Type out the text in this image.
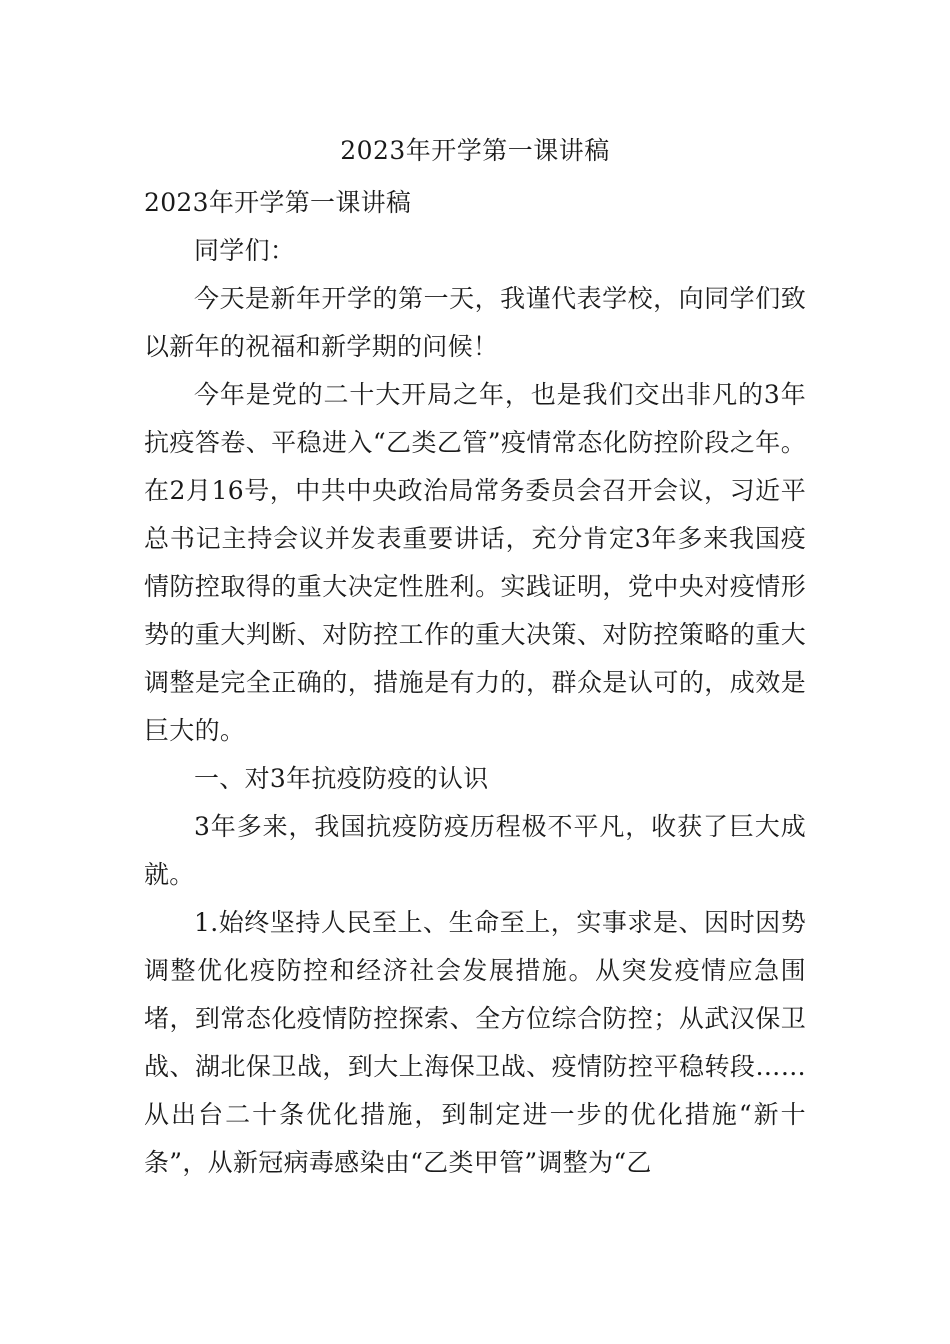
2023年开学第一课讲稿

2023年开学第一课讲稿

同学们：

今天是新年开学的第一天，我谨代表学校，向同学们致以新年的祝福和新学期的问候！

今年是党的二十大开局之年，也是我们交出非凡的3年抗疫答卷、平稳进入“乙类乙管”疫情常态化防控阶段之年。在2月16号，中共中央政治局常务委员会召开会议，习近平总书记主持会议并发表重要讲话，充分肯定3年多来我国疫情防控取得的重大决定性胜利。实践证明，党中央对疫情形势的重大判断、对防控工作的重大决策、对防控策略的重大调整是完全正确的，措施是有力的，群众是认可的，成效是巨大的。

一、对3年抗疫防疫的认识

3年多来，我国抗疫防疫历程极不平凡，收获了巨大成就。

1.始终坚持人民至上、生命至上，实事求是、因时因势调整优化疫防控和经济社会发展措施。从突发疫情应急围堵，到常态化疫情防控探索、全方位综合防控；从武汉保卫战、湖北保卫战，到大上海保卫战、疫情防控平稳转段……从出台二十条优化措施，到制定进一步的优化措施“新十条”，从新冠病毒感染由“乙类甲管”调整为“乙
